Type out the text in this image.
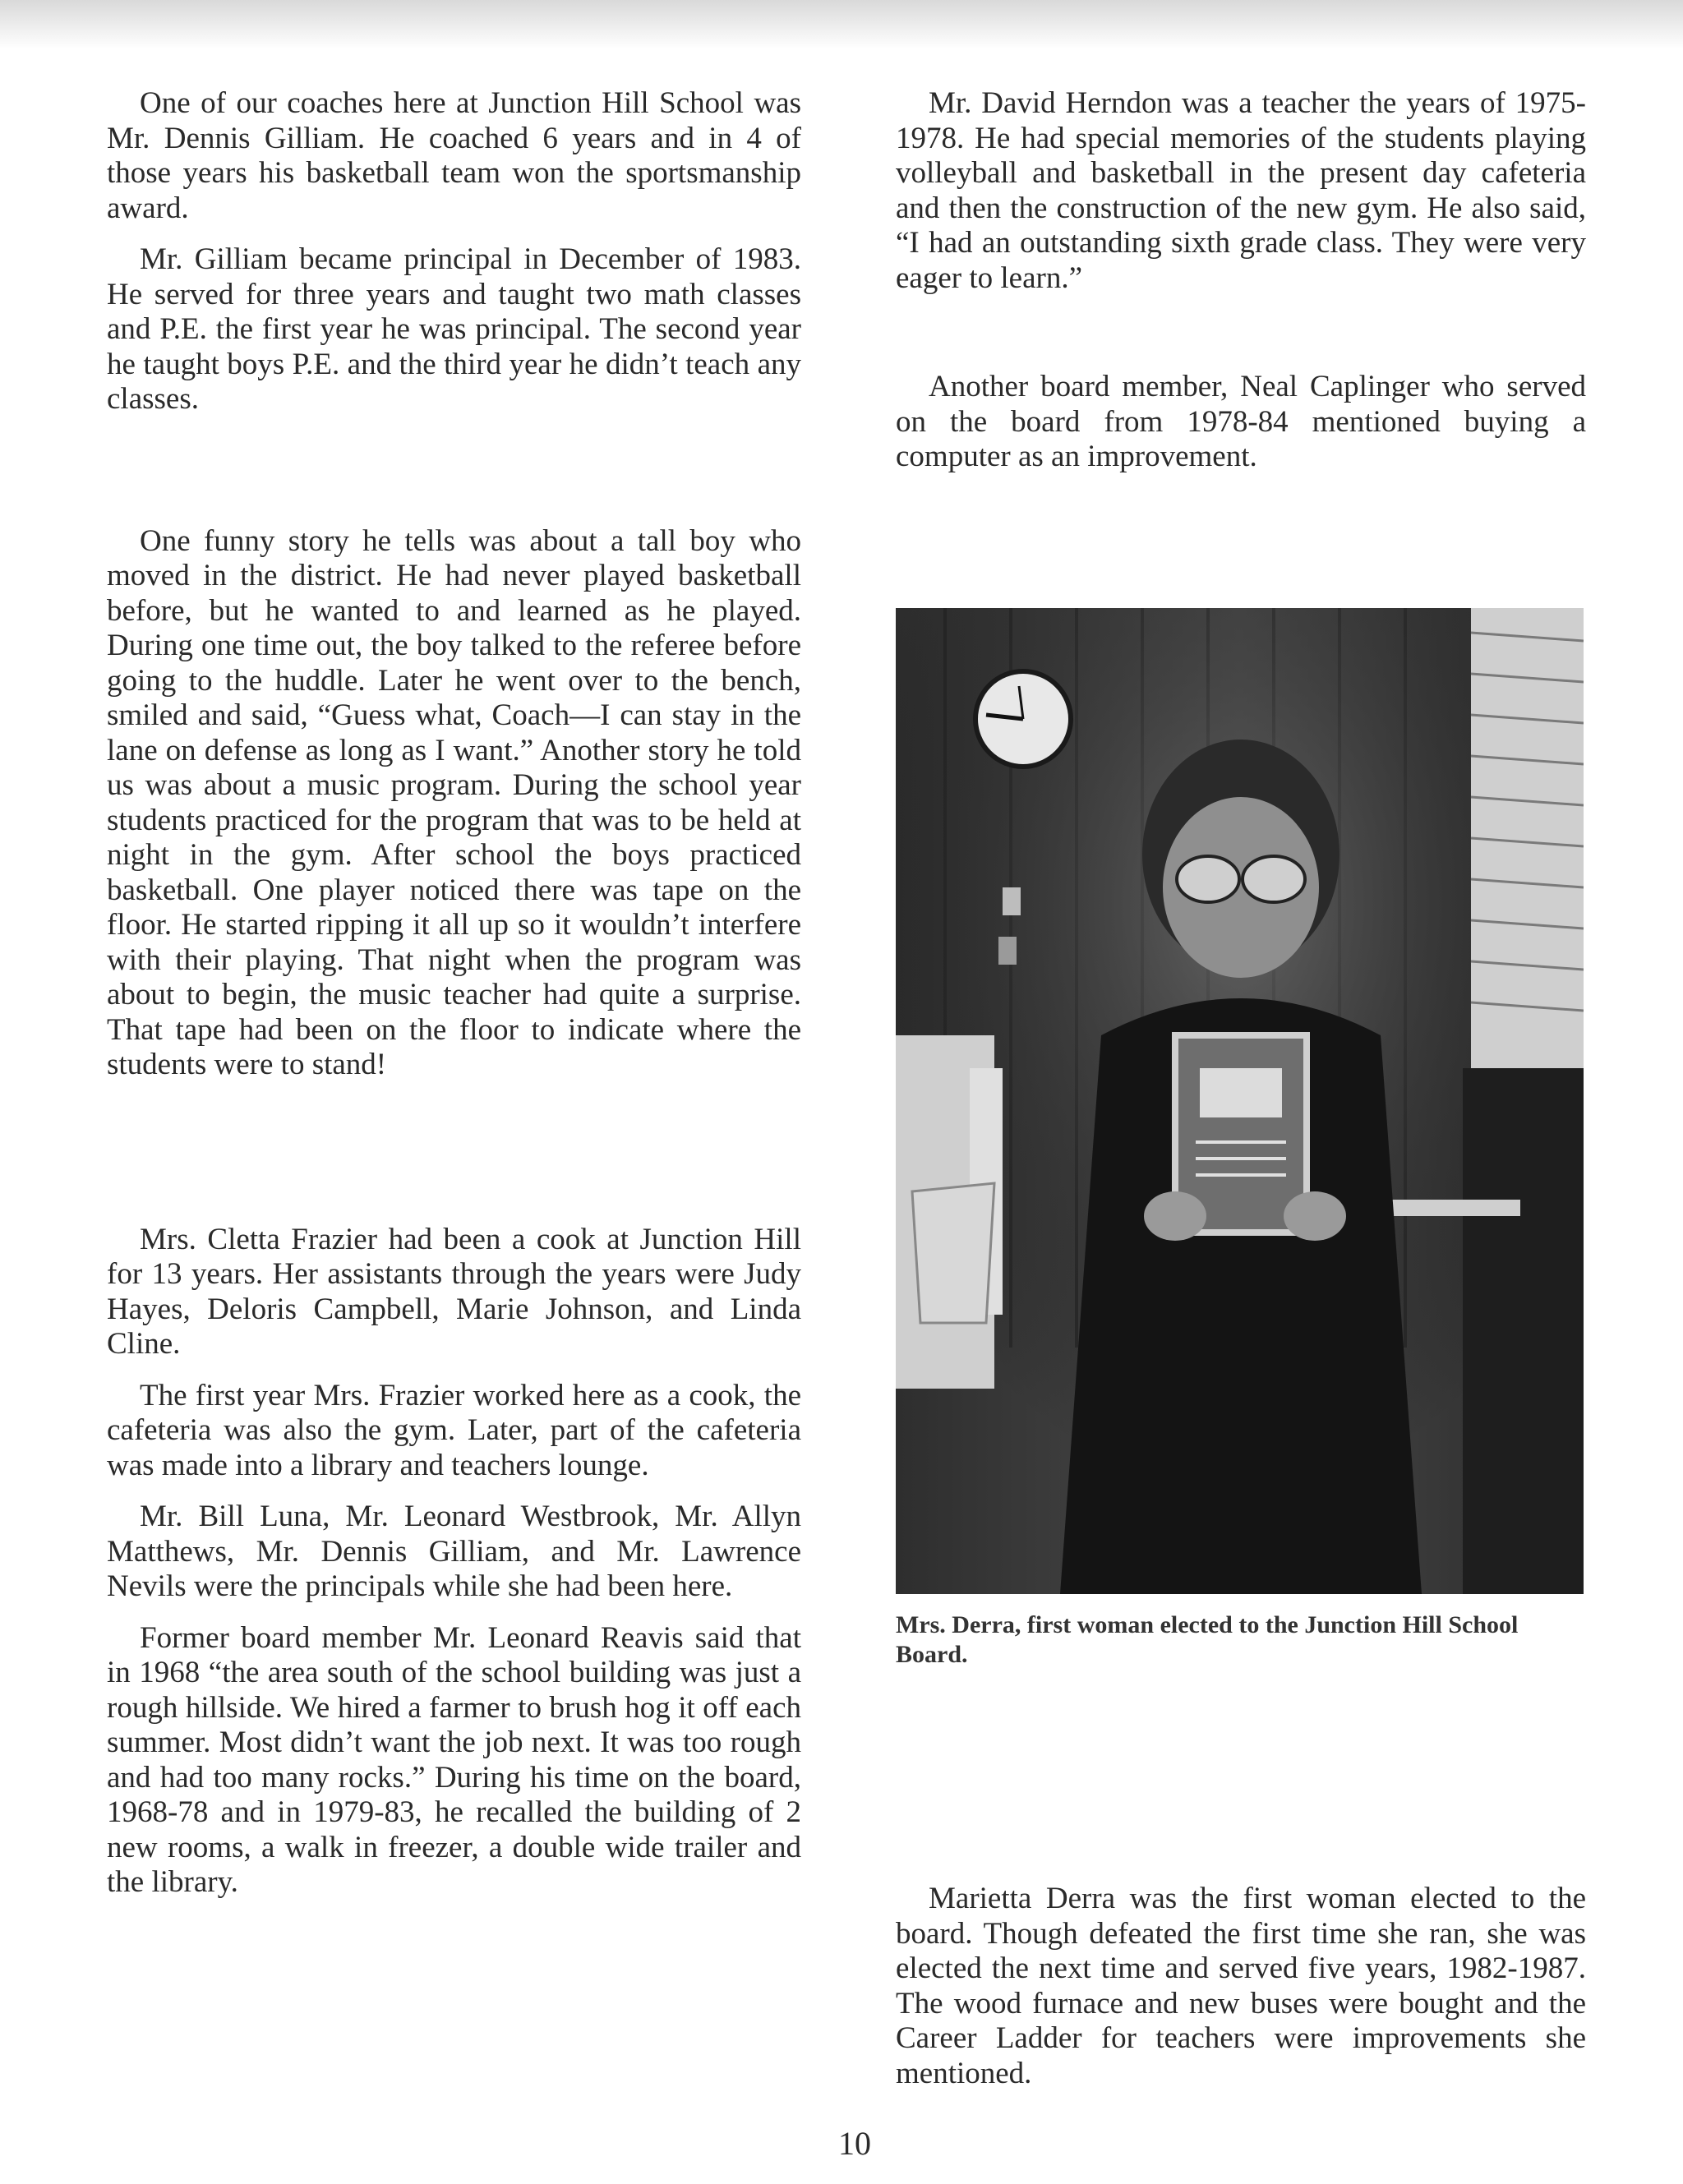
One of our coaches here at Junction Hill School was Mr. Dennis Gilliam. He coached 6 years and in 4 of those years his basketball team won the sportsmanship award.

Mr. Gilliam became principal in December of 1983. He served for three years and taught two math classes and P.E. the first year he was principal. The second year he taught boys P.E. and the third year he didn’t teach any classes.

One funny story he tells was about a tall boy who moved in the district. He had never played basketball before, but he wanted to and learned as he played. During one time out, the boy talked to the referee before going to the huddle. Later he went over to the bench, smiled and said, “Guess what, Coach—I can stay in the lane on defense as long as I want.” Another story he told us was about a music program. During the school year students practiced for the program that was to be held at night in the gym. After school the boys practiced basketball. One player noticed there was tape on the floor. He started ripping it all up so it wouldn’t interfere with their playing. That night when the program was about to begin, the music teacher had quite a surprise. That tape had been on the floor to indicate where the students were to stand!

Mrs. Cletta Frazier had been a cook at Junction Hill for 13 years. Her assistants through the years were Judy Hayes, Deloris Campbell, Marie Johnson, and Linda Cline.

The first year Mrs. Frazier worked here as a cook, the cafeteria was also the gym. Later, part of the cafeteria was made into a library and teachers lounge.

Mr. Bill Luna, Mr. Leonard Westbrook, Mr. Allyn Matthews, Mr. Dennis Gilliam, and Mr. Lawrence Nevils were the principals while she had been here.

Former board member Mr. Leonard Reavis said that in 1968 “the area south of the school building was just a rough hillside. We hired a farmer to brush hog it off each summer. Most didn’t want the job next. It was too rough and had too many rocks.” During his time on the board, 1968-78 and in 1979-83, he recalled the building of 2 new rooms, a walk in freezer, a double wide trailer and the library.

Mr. David Herndon was a teacher the years of 1975-1978. He had special memories of the students playing volleyball and basketball in the present day cafeteria and then the construction of the new gym. He also said, “I had an outstanding sixth grade class. They were very eager to learn.”

Another board member, Neal Caplinger who served on the board from 1978-84 mentioned buying a computer as an improvement.

Mrs. Derra, first woman elected to the Junction Hill School Board.

Marietta Derra was the first woman elected to the board. Though defeated the first time she ran, she was elected the next time and served five years, 1982-1987. The wood furnace and new buses were bought and the Career Ladder for teachers were improvements she mentioned.

10
